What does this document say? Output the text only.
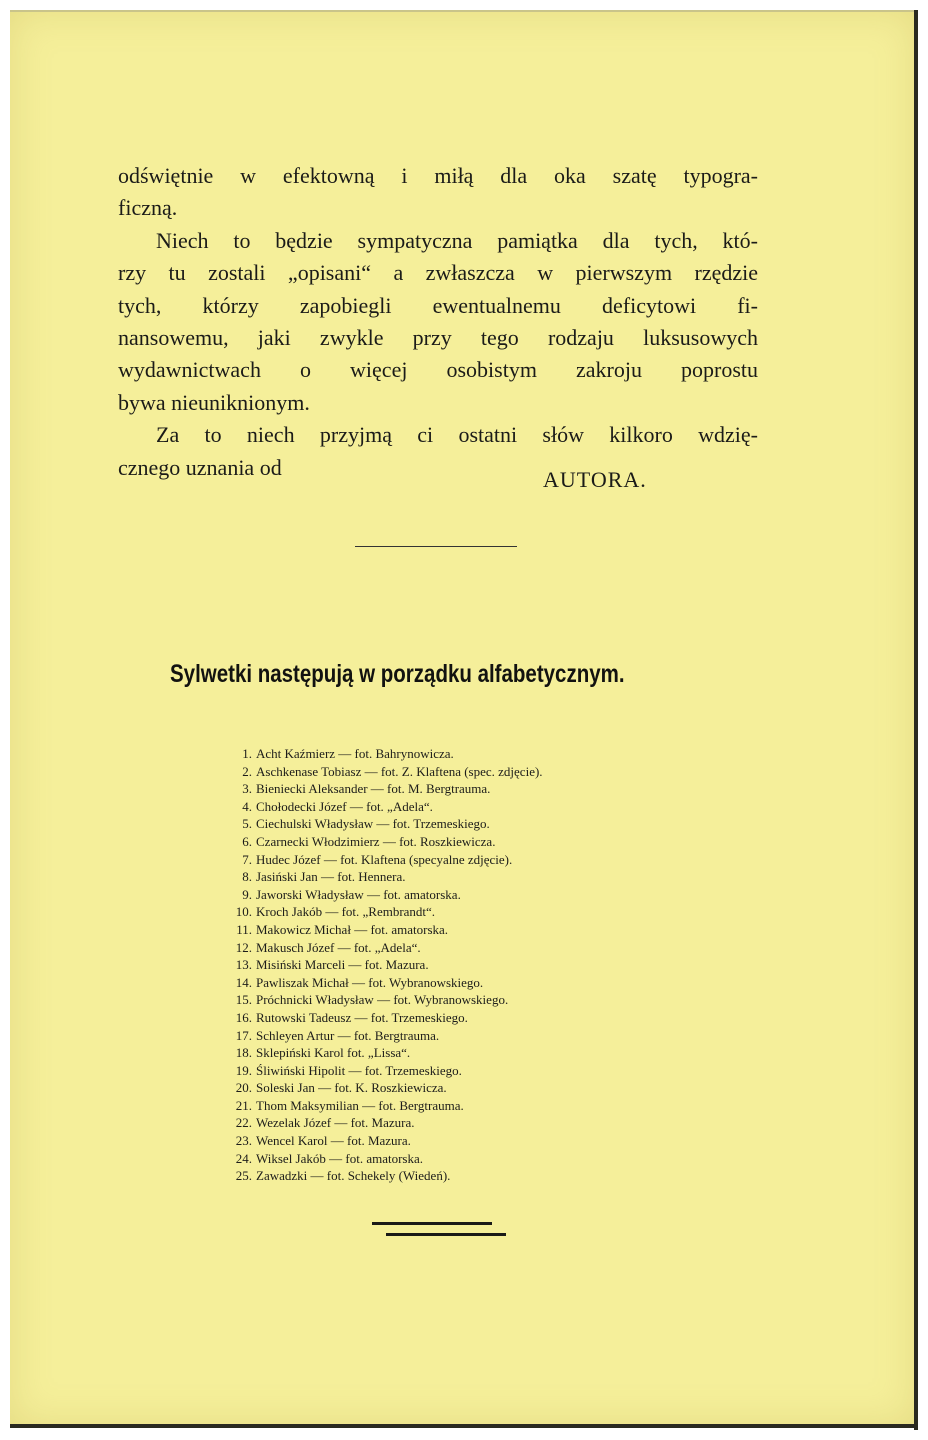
odświętnie w efektowną i miłą dla oka szatę typogra-
ficzną.
Niech to będzie sympatyczna pamiątka dla tych, któ-
rzy tu zostali „opisani“ a zwłaszcza w pierwszym rzędzie
tych, którzy zapobiegli ewentualnemu deficytowi fi-
nansowemu, jaki zwykle przy tego rodzaju luksusowych
wydawnictwach o więcej osobistym zakroju poprostu
bywa nieuniknionym.
Za to niech przyjmą ci ostatni słów kilkoro wdzię-
cznego uznania od	AUTORA.
Sylwetki następują w porządku alfabetycznym.
1. Acht Kaźmierz — fot. Bahrynowicza.
2. Aschkenase Tobiasz — fot. Z. Klaftena (spec. zdjęcie).
3. Bieniecki Aleksander — fot. M. Bergtrauma.
4. Chołodecki Józef — fot. „Adela“.
5. Ciechulski Władysław — fot. Trzemeskiego.
6. Czarnecki Włodzimierz — fot. Roszkiewicza.
7. Hudec Józef — fot. Klaftena (specyalne zdjęcie).
8. Jasiński Jan — fot. Hennera.
9. Jaworski Władysław — fot. amatorska.
10. Kroch Jakób — fot. „Rembrandt“.
11. Makowicz Michał — fot. amatorska.
12. Makusch Józef — fot. „Adela“.
13. Misiński Marceli — fot. Mazura.
14. Pawliszak Michał — fot. Wybranowskiego.
15. Próchnicki Władysław — fot. Wybranowskiego.
16. Rutowski Tadeusz — fot. Trzemeskiego.
17. Schleyen Artur — fot. Bergtrauma.
18. Sklepiński Karol fot. „Lissa“.
19. Śliwiński Hipolit — fot. Trzemeskiego.
20. Soleski Jan — fot. K. Roszkiewicza.
21. Thom Maksymilian — fot. Bergtrauma.
22. Wezelak Józef — fot. Mazura.
23. Wencel Karol — fot. Mazura.
24. Wiksel Jakób — fot. amatorska.
25. Zawadzki — fot. Schekely (Wiedeń).
